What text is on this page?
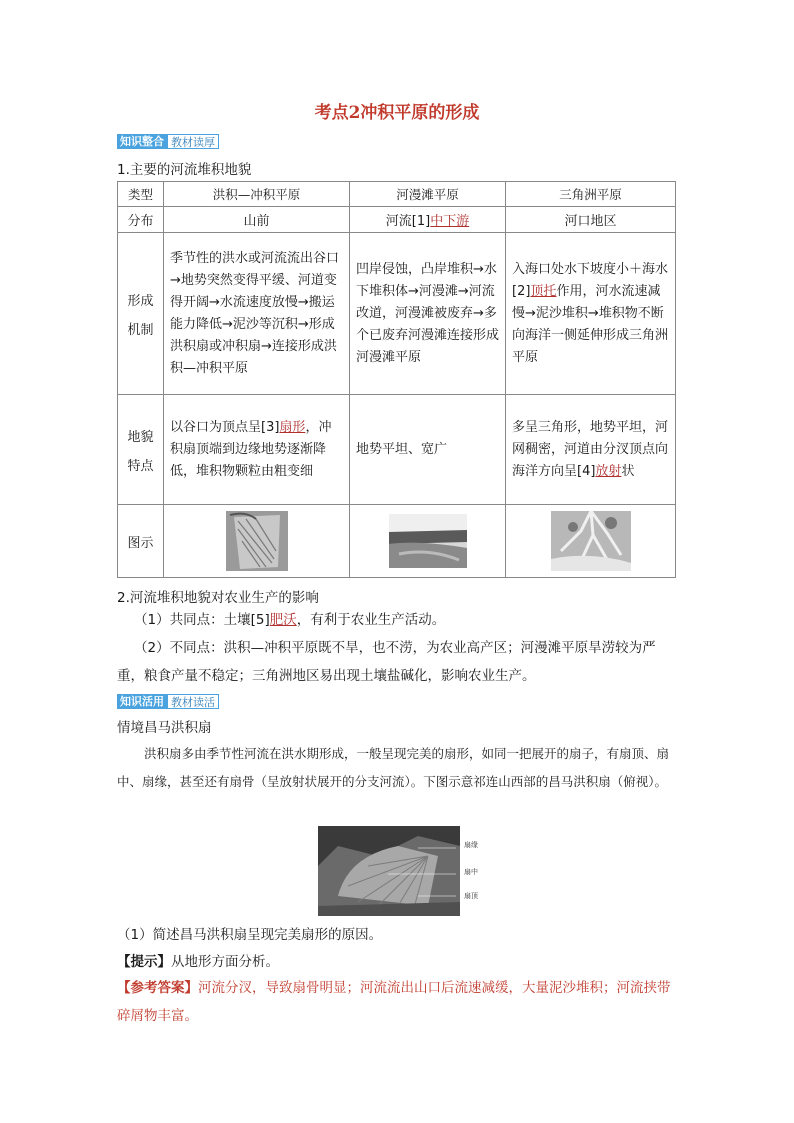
考点2冲积平原的形成
知识整合 教材读厚
1.主要的河流堆积地貌
类型	洪积—冲积平原	河漫滩平原	三角洲平原
分布	山前	河流[1]中下游	河口地区

形成
机制	季节性的洪水或河流流出谷口→地势突然变得平缓、河道变得开阔→水流速度放慢→搬运能力降低→泥沙等沉积→形成洪积扇或冲积扇→连接形成洪积—冲积平原	凹岸侵蚀，凸岸堆积→水下堆积体→河漫滩→河流改道，河漫滩被废弃→多个已废弃河漫滩连接形成河漫滩平原	入海口处水下坡度小＋海水[2]顶托作用，河水流速减慢→泥沙堆积→堆积物不断向海洋一侧延伸形成三角洲平原

地貌
特点	以谷口为顶点呈[3]扇形，冲积扇顶端到边缘地势逐渐降低，堆积物颗粒由粗变细	地势平坦、宽广	多呈三角形，地势平坦，河网稠密，河道由分汊顶点向海洋方向呈[4]放射状
图示	

2.河流堆积地貌对农业生产的影响
（1）共同点：土壤[5]肥沃，有利于农业生产活动。
（2）不同点：洪积—冲积平原既不旱，也不涝，为农业高产区；河漫滩平原旱涝较为严重，粮食产量不稳定；三角洲地区易出现土壤盐碱化，影响农业生产。
知识活用 教材读活
情境昌马洪积扇
洪积扇多由季节性河流在洪水期形成，一般呈现完美的扇形，如同一把展开的扇子，有扇顶、扇中、扇缘，甚至还有扇骨（呈放射状展开的分支河流）。下图示意祁连山西部的昌马洪积扇（俯视）。
扇缘
扇中
扇顶
（1）简述昌马洪积扇呈现完美扇形的原因。
【提示】从地形方面分析。
【参考答案】河流分汊，导致扇骨明显；河流流出山口后流速减缓，大量泥沙堆积；河流挟带碎屑物丰富。
